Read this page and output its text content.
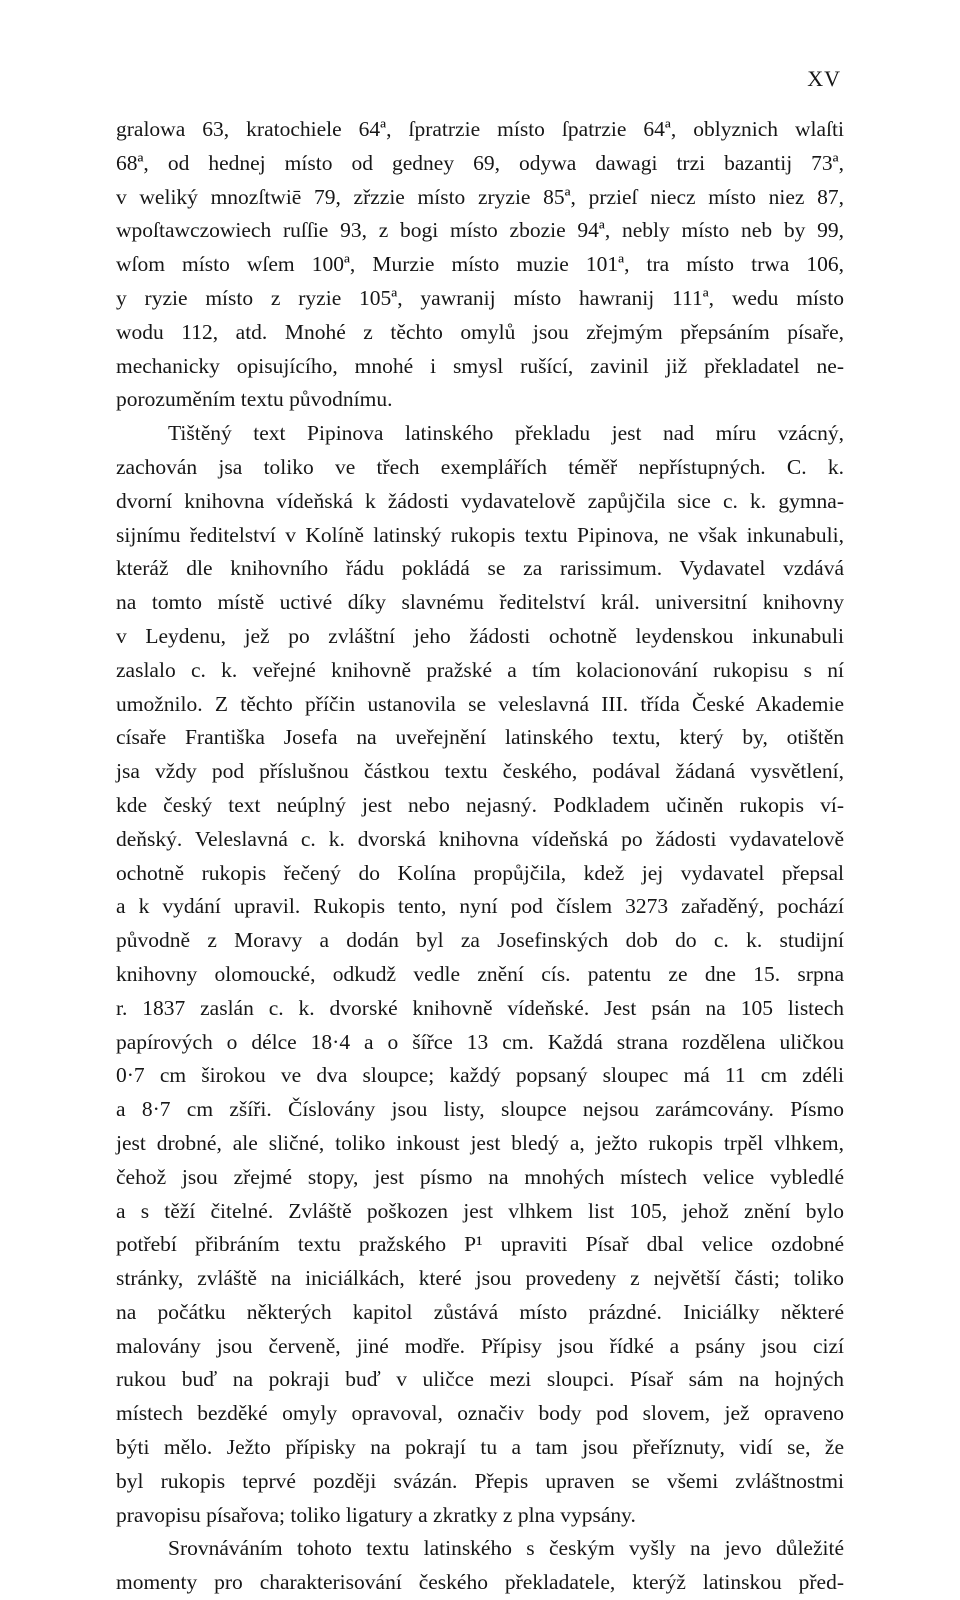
XV
gralowa 63, kratochiele 64ª, ſpratrzie místo ſpatrzie 64ª, oblyznich wlaſti
68ª, od hednej místo od gedney 69, odywa dawagi trzi bazantij 73ª,
v weliký mnozſtwiē 79, zřzzie místo zryzie 85ª, przieſ niecz místo niez 87,
wpoſtawczowiech ruſſie 93, z bogi místo zbozie 94ª, nebly místo neb by 99,
wſom místo wſem 100ª, Murzie místo muzie 101ª, tra místo trwa 106,
y ryzie místo z ryzie 105ª, yawranij místo hawranij 111ª, wedu místo
wodu 112, atd. Mnohé z těchto omylů jsou zřejmým přepsáním písaře,
mechanicky opisujícího, mnohé i smysl rušící, zavinil již překladatel ne-
porozuměním textu původnímu.
Tištěný text Pipinova latinského překladu jest nad míru vzácný,
zachován jsa toliko ve třech exemplářích téměř nepřístupných. C. k.
dvorní knihovna vídeňská k žádosti vydavatelově zapůjčila sice c. k. gymna-
sijnímu ředitelství v Kolíně latinský rukopis textu Pipinova, ne však inkunabuli,
kteráž dle knihovního řádu pokládá se za rarissimum. Vydavatel vzdává
na tomto místě uctivé díky slavnému ředitelství král. universitní knihovny
v Leydenu, jež po zvláštní jeho žádosti ochotně leydenskou inkunabuli
zaslalo c. k. veřejné knihovně pražské a tím kolacionování rukopisu s ní
umožnilo. Z těchto příčin ustanovila se veleslavná III. třída České Akademie
císaře Františka Josefa na uveřejnění latinského textu, který by, otištěn
jsa vždy pod příslušnou částkou textu českého, podával žádaná vysvětlení,
kde český text neúplný jest nebo nejasný. Podkladem učiněn rukopis ví-
deňský. Veleslavná c. k. dvorská knihovna vídeňská po žádosti vydavatelově
ochotně rukopis řečený do Kolína propůjčila, kdež jej vydavatel přepsal
a k vydání upravil. Rukopis tento, nyní pod číslem 3273 zařaděný, pochází
původně z Moravy a dodán byl za Josefinských dob do c. k. studijní
knihovny olomoucké, odkudž vedle znění cís. patentu ze dne 15. srpna
r. 1837 zaslán c. k. dvorské knihovně vídeňské. Jest psán na 105 listech
papírových o délce 18·4 a o šířce 13 cm. Každá strana rozdělena uličkou
0·7 cm širokou ve dva sloupce; každý popsaný sloupec má 11 cm zdéli
a 8·7 cm zšíři. Číslovány jsou listy, sloupce nejsou zarámcovány. Písmo
jest drobné, ale sličné, toliko inkoust jest bledý a, ježto rukopis trpěl vlhkem,
čehož jsou zřejmé stopy, jest písmo na mnohých místech velice vybledlé
a s těží čitelné. Zvláště poškozen jest vlhkem list 105, jehož znění bylo
potřebí přibráním textu pražského P¹ upraviti Písař dbal velice ozdobné
stránky, zvláště na iniciálkách, které jsou provedeny z největší části; toliko
na počátku některých kapitol zůstává místo prázdné. Iniciálky některé
malovány jsou červeně, jiné modře. Přípisy jsou řídké a psány jsou cizí
rukou buď na pokraji buď v uličce mezi sloupci. Písař sám na hojných
místech bezděké omyly opravoval, označiv body pod slovem, jež opraveno
býti mělo. Ježto přípisky na pokrají tu a tam jsou přeříznuty, vidí se, že
byl rukopis teprvé později svázán. Přepis upraven se všemi zvláštnostmi
pravopisu písařova; toliko ligatury a zkratky z plna vypsány.
Srovnáváním tohoto textu latinského s českým vyšly na jevo důležité
momenty pro charakterisování českého překladatele, kterýž latinskou před-
